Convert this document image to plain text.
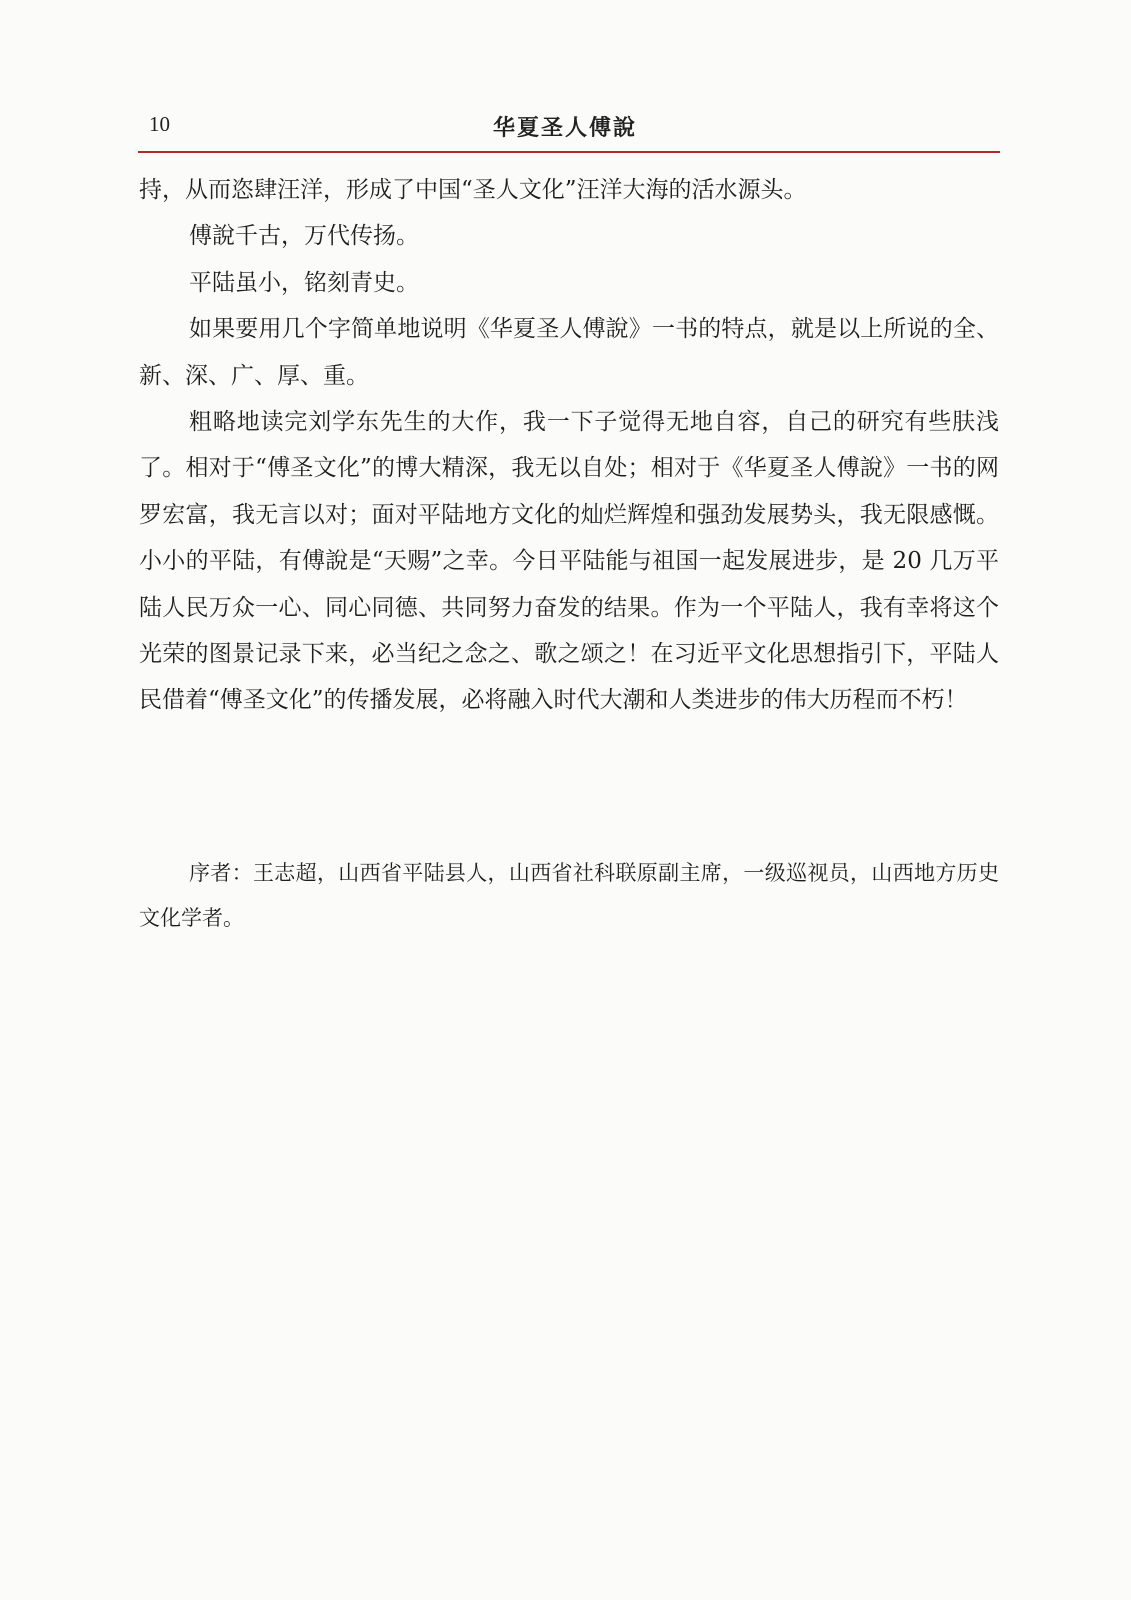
10	华夏圣人傅說

持，从而恣肆汪洋，形成了中国“圣人文化”汪洋大海的活水源头。

傅說千古，万代传扬。

平陆虽小，铭刻青史。

如果要用几个字简单地说明《华夏圣人傅說》一书的特点，就是以上所说的全、新、深、广、厚、重。

粗略地读完刘学东先生的大作，我一下子觉得无地自容，自己的研究有些肤浅了。相对于“傅圣文化”的博大精深，我无以自处；相对于《华夏圣人傅說》一书的网罗宏富，我无言以对；面对平陆地方文化的灿烂辉煌和强劲发展势头，我无限感慨。小小的平陆，有傅說是“天赐”之幸。今日平陆能与祖国一起发展进步，是 20 几万平陆人民万众一心、同心同德、共同努力奋发的结果。作为一个平陆人，我有幸将这个光荣的图景记录下来，必当纪之念之、歌之颂之！在习近平文化思想指引下，平陆人民借着“傅圣文化”的传播发展，必将融入时代大潮和人类进步的伟大历程而不朽！

序者：王志超，山西省平陆县人，山西省社科联原副主席，一级巡视员，山西地方历史文化学者。
